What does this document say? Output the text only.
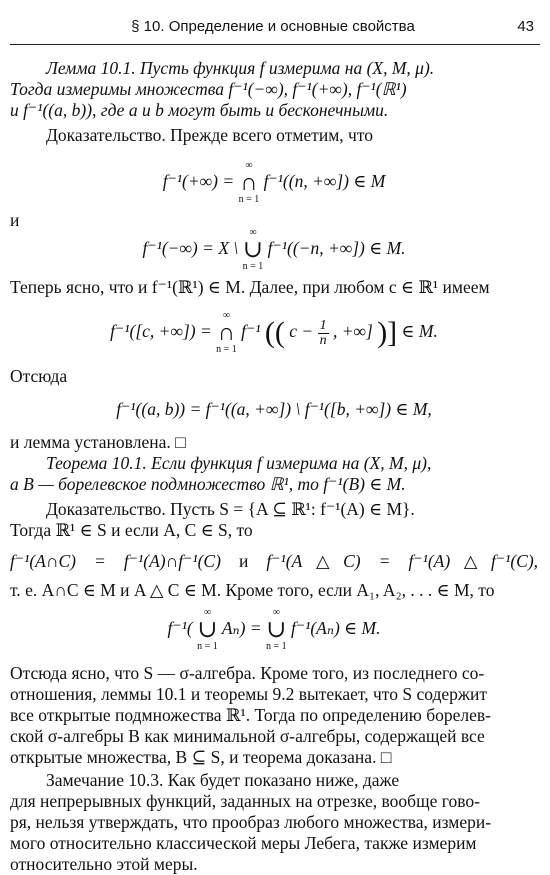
§ 10. Определение и основные свойства	43

Лемма 10.1. Пусть функция f измерима на (X, M, μ).

Тогда измеримы множества f⁻¹(−∞), f⁻¹(+∞), f⁻¹(ℝ¹)

и f⁻¹((a, b)), где a и b могут быть и бесконечными.

Доказательство. Прежде всего отметим, что

f⁻¹(+∞) =
∞
∩
n = 1
f⁻¹((n, +∞]) ∈ M

и

f⁻¹(−∞) = X \
∞
∪
n = 1
f⁻¹((−n, +∞]) ∈ M.

Теперь ясно, что и f⁻¹(ℝ¹) ∈ M. Далее, при любом c ∈ ℝ¹ имеем

f⁻¹([c, +∞]) =
∞
∩
n = 1
f⁻¹ (( $c - \frac{1}{n}$ , +∞] )] ∈ M.

Отсюда

f⁻¹((a, b)) = f⁻¹((a, +∞]) \ f⁻¹([b, +∞]) ∈ M,

и лемма установлена. □

Теорема 10.1. Если функция f измерима на (X, M, μ),

а B — борелевское подмножество ℝ¹, то f⁻¹(B) ∈ M.

Доказательство. Пусть S = {A ⊆ ℝ¹: f⁻¹(A) ∈ M}.

Тогда ℝ¹ ∈ S и если A, C ∈ S, то

f⁻¹(A∩C) = f⁻¹(A)∩f⁻¹(C) и f⁻¹(A△C) = f⁻¹(A)△f⁻¹(C),

т. е. A∩C ∈ M и A △ C ∈ M. Кроме того, если A₁, A₂, . . . ∈ M, то

f⁻¹(
∞
∪
n = 1
Aₙ) =
∞
∪
n = 1
f⁻¹(Aₙ) ∈ M.

Отсюда ясно, что S — σ-алгебра. Кроме того, из последнего со-

отношения, леммы 10.1 и теоремы 9.2 вытекает, что S содержит

все открытые подмножества ℝ¹. Тогда по определению борелев-

ской σ-алгебры B как минимальной σ-алгебры, содержащей все

открытые множества, B ⊆ S, и теорема доказана. □

Замечание 10.3. Как будет показано ниже, даже

для непрерывных функций, заданных на отрезке, вообще гово-

ря, нельзя утверждать, что прообраз любого множества, измери-

мого относительно классической меры Лебега, также измерим

относительно этой меры.
